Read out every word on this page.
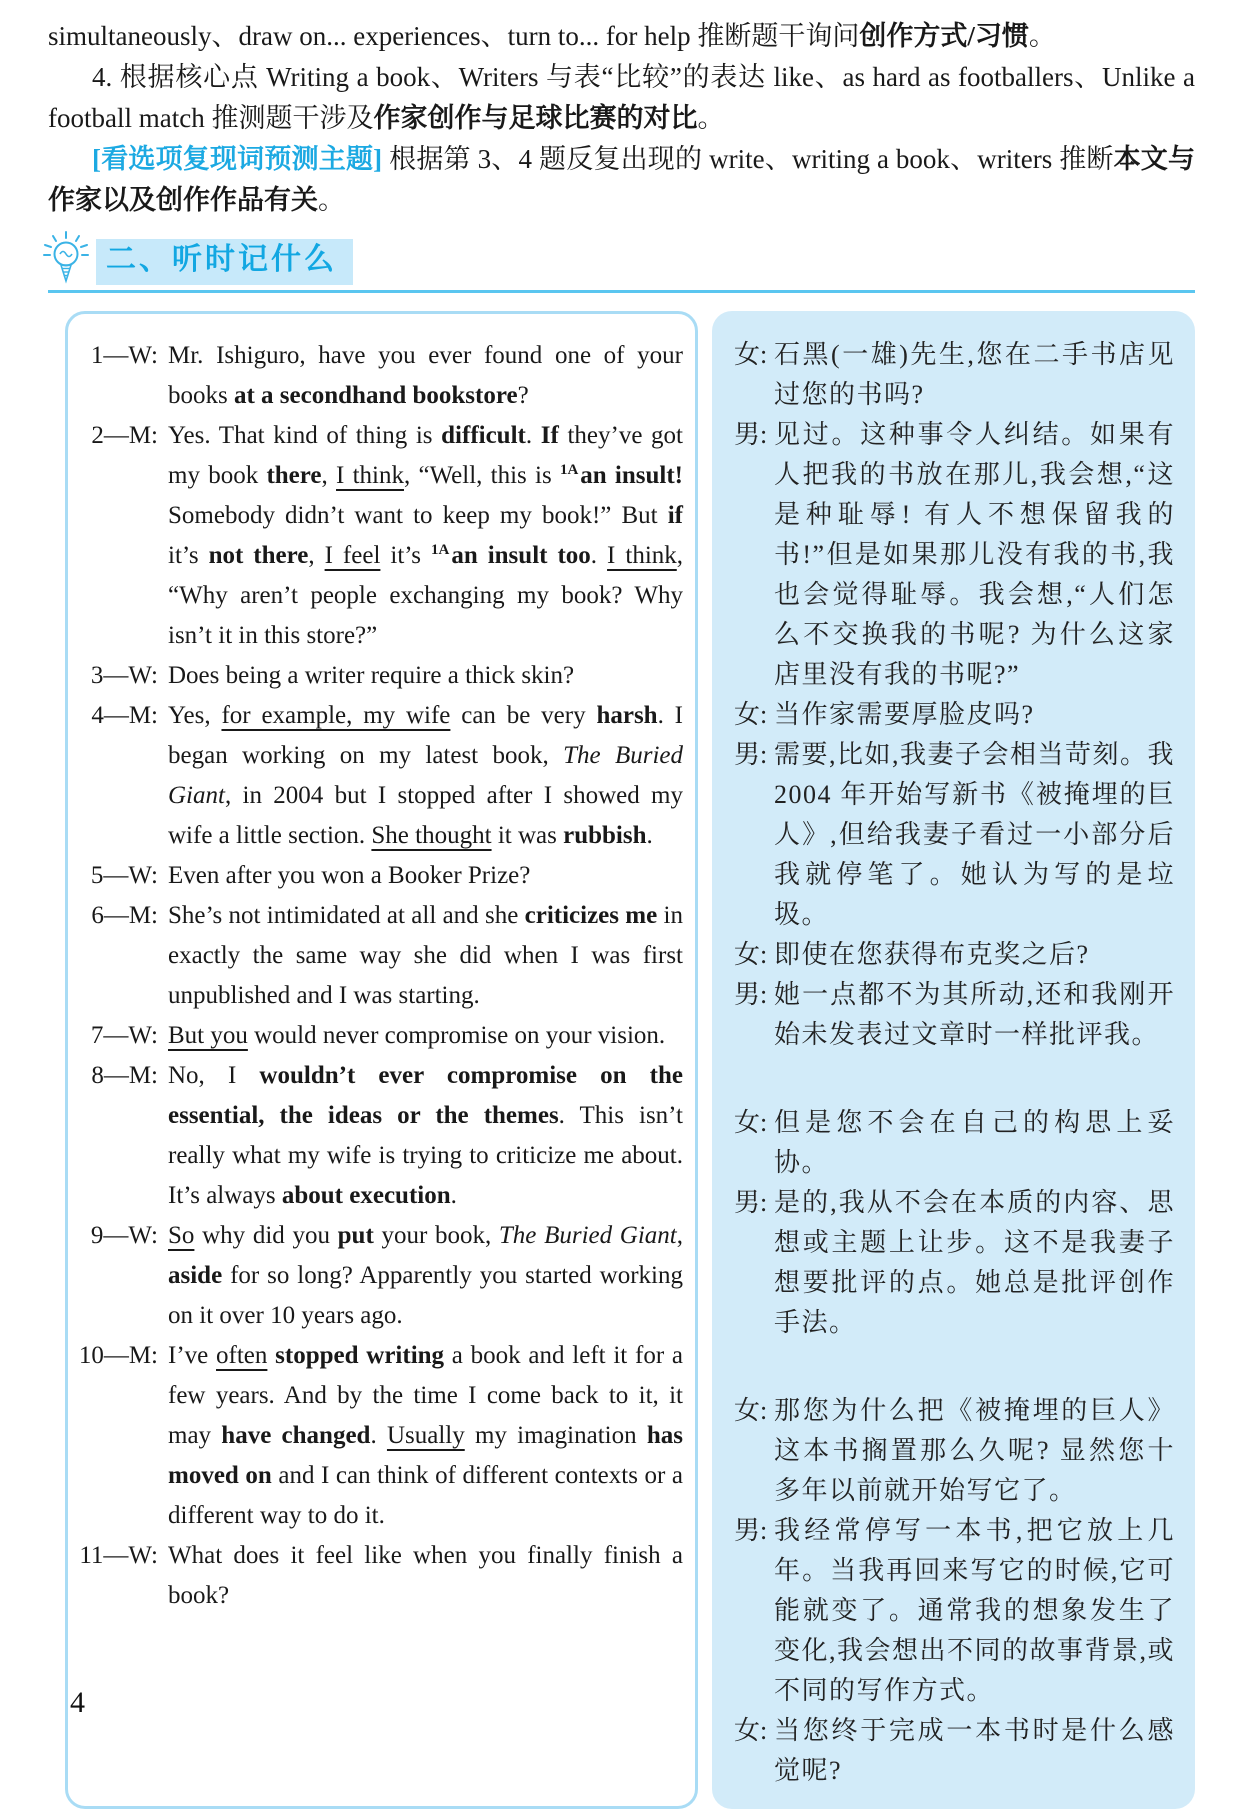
simultaneously、draw on... experiences、turn to... for help 推断题干询问创作方式/习惯。

4. 根据核心点 Writing a book、Writers 与表“比较”的表达 like、as hard as footballers、Unlike a football match 推测题干涉及作家创作与足球比赛的对比。

[看选项复现词预测主题] 根据第 3、4 题反复出现的 write、writing a book、writers 推断本文与作家以及创作作品有关。

二、听时记什么

1—W: Mr. Ishiguro, have you ever found one of your books at a secondhand bookstore?

2—M: Yes. That kind of thing is difficult. If they’ve got my book there, I think, “Well, this is $^{1A}$an insult! Somebody didn’t want to keep my book!” But if it’s not there, I feel it’s $^{1A}$an insult too. I think, “Why aren’t people exchanging my book? Why isn’t it in this store?”

3—W: Does being a writer require a thick skin?

4—M: Yes, for example, my wife can be very harsh. I began working on my latest book, The Buried Giant, in 2004 but I stopped after I showed my wife a little section. She thought it was rubbish.

5—W: Even after you won a Booker Prize?

6—M: She’s not intimidated at all and she criticizes me in exactly the same way she did when I was first unpublished and I was starting.

7—W: But you would never compromise on your vision.

8—M: No, I wouldn’t ever compromise on the essential, the ideas or the themes. This isn’t really what my wife is trying to criticize me about. It’s always about execution.

9—W: So why did you put your book, The Buried Giant, aside for so long? Apparently you started working on it over 10 years ago.

10—M: I’ve often stopped writing a book and left it for a few years. And by the time I come back to it, it may have changed. Usually my imagination has moved on and I can think of different contexts or a different way to do it.

11—W: What does it feel like when you finally finish a book?

女: 石黑(一雄)先生,您在二手书店见过您的书吗?

男: 见过。这种事令人纠结。如果有人把我的书放在那儿,我会想,“这是种耻辱! 有人不想保留我的书!”但是如果那儿没有我的书,我也会觉得耻辱。我会想,“人们怎么不交换我的书呢? 为什么这家店里没有我的书呢?”

女: 当作家需要厚脸皮吗?

男: 需要,比如,我妻子会相当苛刻。我 2004 年开始写新书《被掩埋的巨人》,但给我妻子看过一小部分后我就停笔了。她认为写的是垃圾。

女: 即使在您获得布克奖之后?

男: 她一点都不为其所动,还和我刚开始未发表过文章时一样批评我。

女: 但是您不会在自己的构思上妥协。

男: 是的,我从不会在本质的内容、思想或主题上让步。这不是我妻子想要批评的点。她总是批评创作手法。

女: 那您为什么把《被掩埋的巨人》这本书搁置那么久呢? 显然您十多年以前就开始写它了。

男: 我经常停写一本书,把它放上几年。当我再回来写它的时候,它可能就变了。通常我的想象发生了变化,我会想出不同的故事背景,或不同的写作方式。

女: 当您终于完成一本书时是什么感觉呢?

4
